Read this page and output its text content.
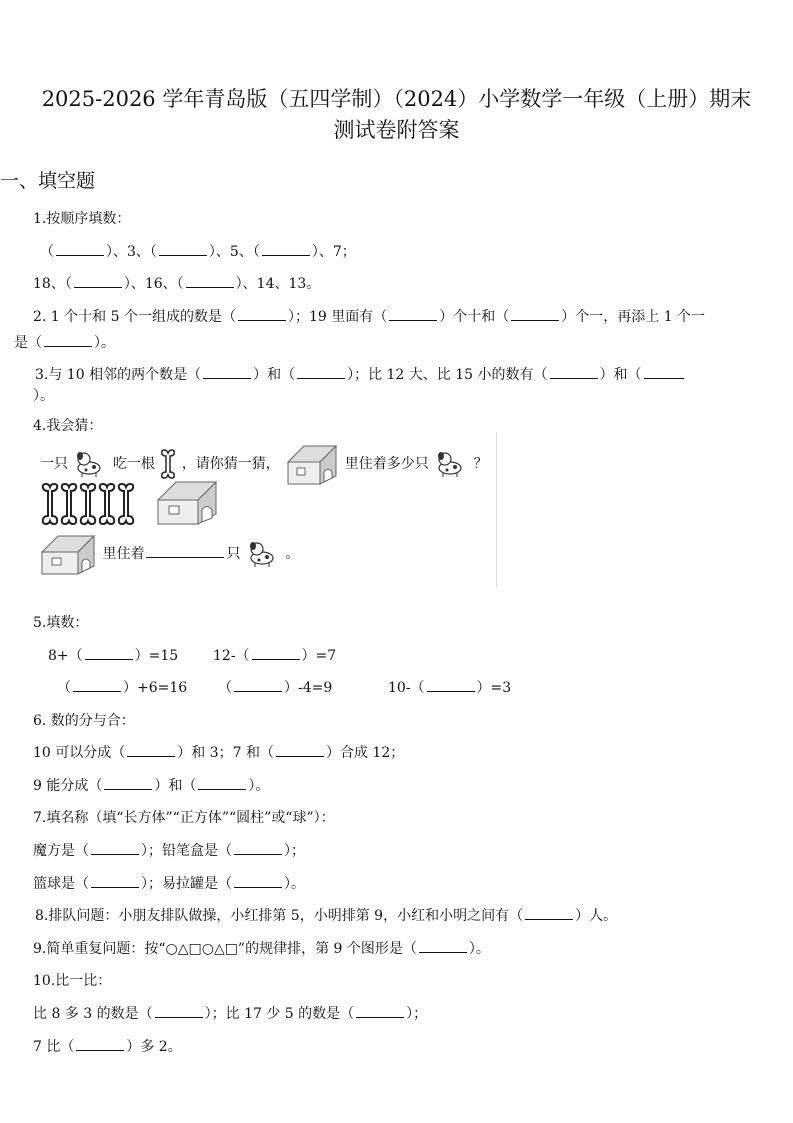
2025-2026 学年青岛版（五四学制）（2024）小学数学一年级（上册）期末
测试卷附答案
一、填空题
1.按顺序填数：
（	）、3、（	）、5、（	）、7；
18、（	）、16、（	）、14、13。
2. 1 个十和 5 个一组成的数是（	）；19 里面有（	）个十和（	）个一，再添上 1 个一
是（	）。
3.与 10 相邻的两个数是（	）和（	）；比 12 大、比 15 小的数有（	）和（
）。
4.我会猜：
一只	吃一根 ，请你猜一猜，	里住着多少只	？
里住着	只	。
5.填数：
8+（	）=15 12-（	）=7
（	）+6=16 （	）-4=9	10-（	）=3
6. 数的分与合：
10 可以分成（	）和 3；7 和（	）合成 12；
9 能分成（	）和（	）。
7.填名称（填“长方体”“正方体”“圆柱”或“球”）：
魔方是（	）；铅笔盒是（	）；
篮球是（	）；易拉罐是（	）。
8.排队问题：小朋友排队做操，小红排第 5，小明排第 9，小红和小明之间有（	）人。
9.简单重复问题：按“○△□○△□”的规律排，第 9 个图形是（	）。
10.比一比：
比 8 多 3 的数是（	）；比 17 少 5 的数是（	）；
7 比（	）多 2。
